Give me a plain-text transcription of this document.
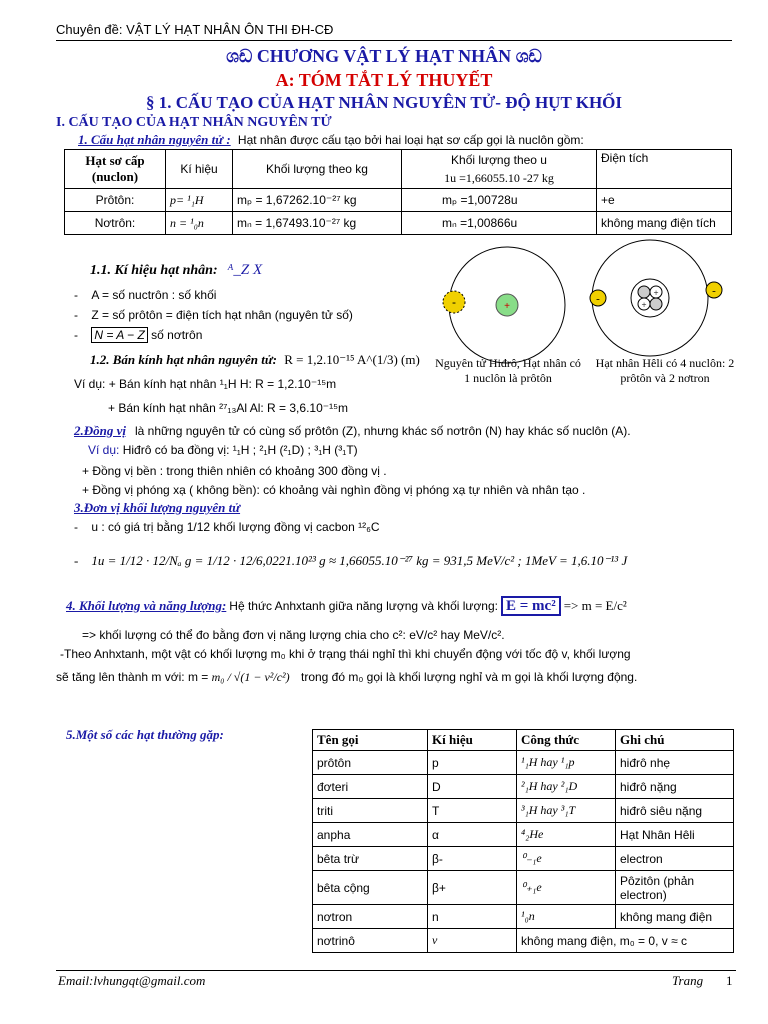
Chuyên đề: VẬT LÝ HẠT NHÂN ÔN THI ĐH-CĐ
ශඩ CHƯƠNG VẬT LÝ HẠT NHÂN ශඩ
A: TÓM TẮT LÝ THUYẾT
§ 1. CẤU TẠO CỦA HẠT NHÂN NGUYÊN TỬ- ĐỘ HỤT KHỐI
I. CẤU TẠO CỦA HẠT NHÂN NGUYÊN TỬ
1. Cấu hạt nhân nguyên tử : Hạt nhân được cấu tạo bởi hai loại hạt sơ cấp gọi là nuclôn gồm:
Hạt sơ cấp (nuclon)	Kí hiệu	Khối lượng theo kg	Khối lượng theo u	Điện tích
			1u =1,66055.10 -27 kg	
Prôtôn:	p= ¹₁H	mₚ = 1,67262.10⁻²⁷ kg	mₚ =1,00728u	+e
Nơtrôn:	n = ¹₀n	mₙ = 1,67493.10⁻²⁷ kg	mₙ =1,00866u	không mang điện tích
1.1. Kí hiệu hạt nhân: ᴬ_Z X
-    A = số nuctrôn : số khối
-    Z = số prôtôn = điện tích hạt nhân (nguyên tử số)
-    N = A − Z số nơtrôn
1.2. Bán kính hạt nhân nguyên tử: R = 1,2.10⁻¹⁵ A^(1/3) (m)
Ví dụ: + Bán kính hạt nhân ¹₁H H: R = 1,2.10⁻¹⁵m
+ Bán kính hạt nhân ²⁷₁₃Al Al: R = 3,6.10⁻¹⁵m
+
-
+
+
-
-
Nguyên tử Hiđrô, Hạt nhân có 1 nuclôn là prôtôn
Hạt nhân Hêli có 4 nuclôn: 2 prôtôn và 2 nơtron
2.Đồng vị là những nguyên tử có cùng số prôtôn (Z), nhưng khác số nơtrôn (N) hay khác số nuclôn (A).
Ví dụ: Hiđrô có ba đồng vị: ¹₁H ; ²₁H (²₁D) ; ³₁H (³₁T)
+ Đồng vị bền : trong thiên nhiên có khoảng 300 đồng vị .
+ Đồng vị phóng xạ ( không bền): có khoảng vài nghìn đồng vị phóng xạ tự nhiên và nhân tạo .
3.Đơn vị khối lượng nguyên tử
-    u : có giá trị bằng 1/12 khối lượng đồng vị cacbon ¹²₆C
-    1u = 1/12 · 12/Nₐ g = 1/12 · 12/6,0221.10²³ g ≈ 1,66055.10⁻²⁷ kg = 931,5 MeV/c² ; 1MeV = 1,6.10⁻¹³ J
4. Khối lượng và năng lượng: Hệ thức Anhxtanh giữa năng lượng và khối lượng: E = mc² => m = E/c²
=> khối lượng có thể đo bằng đơn vị năng lượng chia cho c²: eV/c² hay MeV/c².
-Theo Anhxtanh, một vật có khối lượng m₀ khi ở trạng thái nghỉ thì khi chuyển động với tốc độ v, khối lượng
sẽ tăng lên thành m với: m = m₀ / √(1 − v²/c²) trong đó m₀ gọi là khối lượng nghỉ và m gọi là khối lượng động.
5.Một số các hạt thường gặp:	Tên gọi	Kí hiệu	Công thức	Ghi chú
prôtôn	p	¹₁H hay ¹₁p	hiđrô nhẹ
đơteri	D	²₁H hay ²₁D	hiđrô nặng
triti	T	³₁H hay ³₁T	hiđrô siêu nặng
anpha	α	⁴₂He	Hạt Nhân Hêli
bêta trừ	β-	⁰₋₁e	electron
bêta cộng	β+	⁰₊₁e	Pôzitôn (phản electron)
nơtron	n	¹₀n	không mang điện
nơtrinô	ν	không mang điện, m₀ = 0, v ≈ c	
Email:lvhungqt@gmail.com	Trang 1
